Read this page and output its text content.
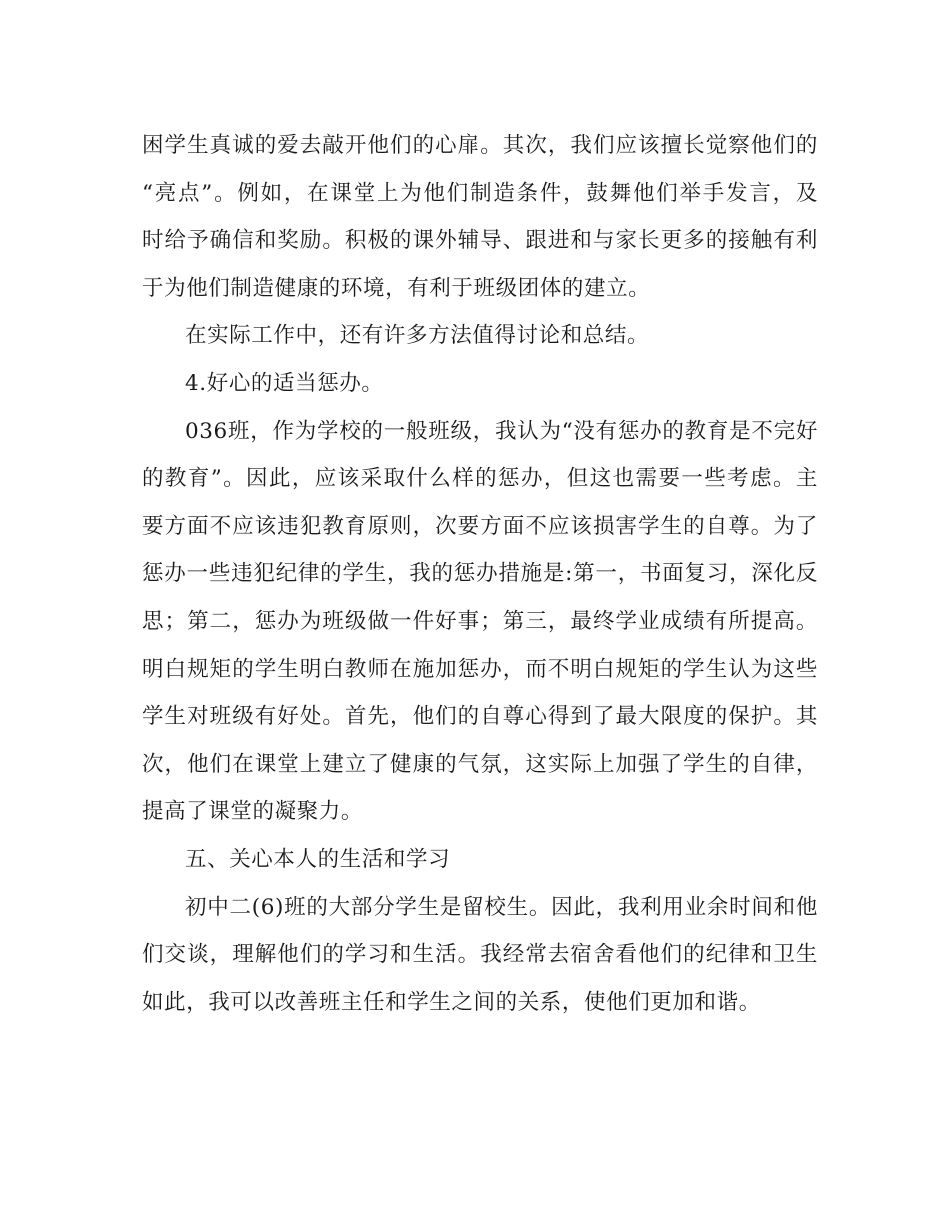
困学生真诚的爱去敲开他们的心扉。其次，我们应该擅长觉察他们的
“亮点”。例如，在课堂上为他们制造条件，鼓舞他们举手发言，及
时给予确信和奖励。积极的课外辅导、跟进和与家长更多的接触有利
于为他们制造健康的环境，有利于班级团体的建立。
在实际工作中，还有许多方法值得讨论和总结。
4.好心的适当惩办。
036班，作为学校的一般班级，我认为“没有惩办的教育是不完好
的教育”。因此，应该采取什么样的惩办，但这也需要一些考虑。主
要方面不应该违犯教育原则，次要方面不应该损害学生的自尊。为了
惩办一些违犯纪律的学生，我的惩办措施是:第一，书面复习，深化反
思；第二，惩办为班级做一件好事；第三，最终学业成绩有所提高。
明白规矩的学生明白教师在施加惩办，而不明白规矩的学生认为这些
学生对班级有好处。首先，他们的自尊心得到了最大限度的保护。其
次，他们在课堂上建立了健康的气氛，这实际上加强了学生的自律，
提高了课堂的凝聚力。
五、关心本人的生活和学习
初中二(6)班的大部分学生是留校生。因此，我利用业余时间和他
们交谈，理解他们的学习和生活。我经常去宿舍看他们的纪律和卫生
如此，我可以改善班主任和学生之间的关系，使他们更加和谐。
